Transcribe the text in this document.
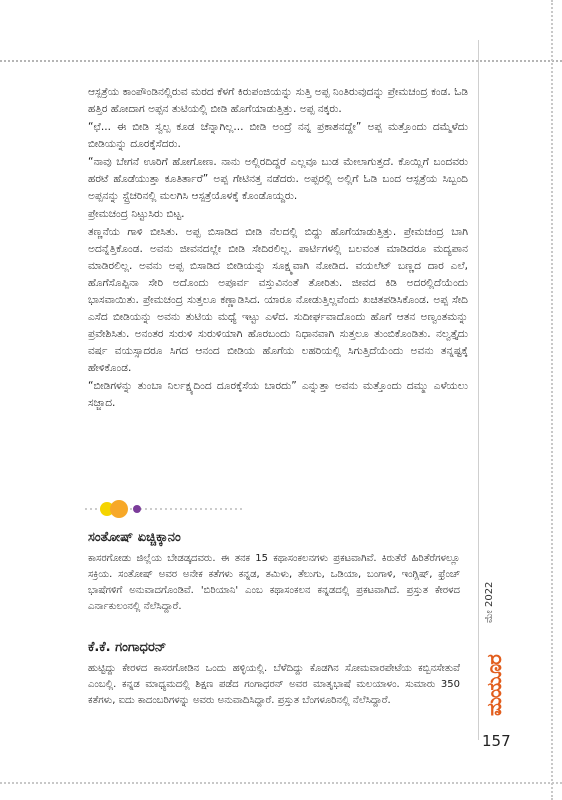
ಆಸ್ಪತ್ರೆಯ ಕಾಂಪೌಂಡಿನಲ್ಲಿರುವ ಮರದ ಕೆಳಗೆ ಕಿರುಪಂಜಿಯನ್ನು ಸುತ್ತಿ ಅಪ್ಪ ನಿಂತಿರುವುದನ್ನು ಪ್ರೇಮಚಂದ್ರ ಕಂಡ. ಓಡಿ ಹತ್ತಿರ ಹೋದಾಗ ಅಪ್ಪನ ತುಟಿಯಲ್ಲಿ ಬೀಡಿ ಹೊಗೆಯಾಡುತ್ತಿತ್ತು. ಅಪ್ಪ ನಕ್ಕರು.

“ಛೆ... ಈ ಬೀಡಿ ಸ್ವಲ್ಪ ಕೂಡ ಚೆನ್ನಾಗಿಲ್ಲ... ಬೀಡಿ ಅಂದ್ರೆ ನನ್ನ ಪ್ರಕಾಶನದ್ದೇ” ಅಪ್ಪ ಮತ್ತೊಂದು ದಮ್ಮೆಳೆದು ಬೀಡಿಯನ್ನು ದೂರಕ್ಕೆಸೆದರು.

“ನಾವು ಬೇಗನೆ ಊರಿಗೆ ಹೋಗೋಣ. ನಾನು ಅಲ್ಲಿರದಿದ್ದರೆ ಎಲ್ಲವೂ ಬುಡ ಮೇಲಾಗುತ್ತದೆ. ಕೊಯ್ಲಿಗೆ ಬಂದವರು ಹರಟೆ ಹೊಡೆಯುತ್ತಾ ಕೂತಿರ್ತಾರೆ” ಅಪ್ಪ ಗೇಟಿನತ್ತ ನಡೆದರು. ಅಪ್ಪರಲ್ಲಿ ಅಲ್ಲಿಗೆ ಓಡಿ ಬಂದ ಆಸ್ಪತ್ರೆಯ ಸಿಬ್ಬಂದಿ ಅಪ್ಪನನ್ನು ಸ್ಟ್ರೆಚರಿನಲ್ಲಿ ಮಲಗಿಸಿ ಆಸ್ಪತ್ರೆಯೊಳಕ್ಕೆ ಕೊಂಡೊಯ್ದರು.

ಪ್ರೇಮಚಂದ್ರ ನಿಟ್ಟುಸಿರು ಬಿಟ್ಟ.

ತಣ್ಣನೆಯ ಗಾಳಿ ಬೀಸಿತು. ಅಪ್ಪ ಬಿಸಾಡಿದ ಬೀಡಿ ನೆಲದಲ್ಲಿ ಬಿದ್ದು ಹೊಗೆಯಾಡುತ್ತಿತ್ತು. ಪ್ರೇಮಚಂದ್ರ ಬಾಗಿ ಅದನ್ನೆತ್ತಿಕೊಂಡ. ಅವನು ಜೀವನದಲ್ಲೇ ಬೀಡಿ ಸೇದಿರಲಿಲ್ಲ. ಪಾರ್ಟಿಗಳಲ್ಲಿ ಬಲವಂತ ಮಾಡಿದರೂ ಮದ್ಯಪಾನ ಮಾಡಿರಲಿಲ್ಲ. ಅವನು ಅಪ್ಪ ಬಿಸಾಡಿದ ಬೀಡಿಯನ್ನು ಸೂಕ್ಷ್ಮವಾಗಿ ನೋಡಿದ. ವಯಲೆಟ್ ಬಣ್ಣದ ದಾರ ಎಲೆ, ಹೊಗೆಸೊಪ್ಪಿನಾ ಸೇರಿ ಅದೊಂದು ಅಪೂರ್ವ ವಸ್ತುವಿನಂತೆ ತೋರಿತು. ಜೀವದ ಕಿಡಿ ಅದರಲ್ಲಿದೆಯೆಂದು ಭಾಸವಾಯಿತು. ಪ್ರೇಮಚಂದ್ರ ಸುತ್ತಲೂ ಕಣ್ಣಾಡಿಸಿದ. ಯಾರೂ ನೋಡುತ್ತಿಲ್ಲವೆಂದು ಖಚಿತಪಡಿಸಿಕೊಂಡ. ಅಪ್ಪ ಸೇದಿ ಎಸೆದ ಬೀಡಿಯನ್ನು ಅವನು ತುಟಿಯ ಮಧ್ಯೆ ಇಟ್ಟು ಎಳೆದ. ಸುದೀರ್ಘವಾದೊಂದು ಹೊಗೆ ಆತನ ಅಣ್ವಂತಮನ್ನು ಪ್ರವೇಶಿಸಿತು. ಅನಂತರ ಸುರುಳಿ ಸುರುಳಿಯಾಗಿ ಹೊರಬಂದು ನಿಧಾನವಾಗಿ ಸುತ್ತಲೂ ತುಂಬಿಕೊಂಡಿತು. ನಲ್ವತ್ತೈದು ವರ್ಷ ವಯಸ್ಸಾದರೂ ಸಿಗದ ಆನಂದ ಬೀಡಿಯ ಹೊಗೆಯ ಲಹರಿಯಲ್ಲಿ ಸಿಗುತ್ತಿದೆಯೆಂದು ಅವನು ತನ್ನಷ್ಟಕ್ಕೆ ಹೇಳಿಕೊಂಡ.

“ಬೀಡಿಗಳನ್ನು ತುಂಬಾ ನಿರ್ಲಕ್ಷ್ಯದಿಂದ ದೂರಕ್ಕೆಸೆಯ ಬಾರದು” ಎನ್ನುತ್ತಾ ಅವನು ಮತ್ತೊಂದು ದಮ್ಮು ಎಳೆಯಲು ಸಜ್ಜಾದ.

ಸಂತೋಷ್ ಏಚ್ಚಿಕ್ಕಾನಂ

ಕಾಸರಗೋಡು ಜಿಲ್ಲೆಯ ಬೇಡಡ್ಕದವರು. ಈ ತನಕ 15 ಕಥಾಸಂಕಲನಗಳು ಪ್ರಕಟವಾಗಿವೆ. ಕಿರುತೆರೆ ಹಿರಿತೆರೆಗಳಲ್ಲೂ ಸಕ್ರಿಯ. ಸಂತೋಷ್ ಅವರ ಅನೇಕ ಕತೆಗಳು ಕನ್ನಡ, ತಮಿಳು, ತೆಲುಗು, ಒಡಿಯಾ, ಬಂಗಾಳಿ, ಇಂಗ್ಲಿಷ್, ಫ್ರೆಂಚ್ ಭಾಷೆಗಳಿಗೆ ಅನುವಾದಗೊಂಡಿವೆ. 'ಬಿರಿಯಾನಿ' ಎಂಬ ಕಥಾಸಂಕಲನ ಕನ್ನಡದಲ್ಲಿ ಪ್ರಕಟವಾಗಿದೆ. ಪ್ರಸ್ತುತ ಕೇರಳದ ಎರ್ನಾಕುಲಂನಲ್ಲಿ ನೆಲೆಸಿದ್ದಾರೆ.

ಕೆ.ಕೆ. ಗಂಗಾಧರನ್

ಹುಟ್ಟಿದ್ದು ಕೇರಳದ ಕಾಸರಗೋಡಿನ ಒಂದು ಹಳ್ಳಿಯಲ್ಲಿ. ಬೆಳೆದಿದ್ದು ಕೊಡಗಿನ ಸೋಮವಾರಪೇಟೆಯ ಕಬ್ಬಿನಸೇತುವೆ ಎಂಬಲ್ಲಿ. ಕನ್ನಡ ಮಾಧ್ಯಮದಲ್ಲಿ ಶಿಕ್ಷಣ ಪಡೆದ ಗಂಗಾಧರನ್ ಅವರ ಮಾತೃಭಾಷೆ ಮಲಯಾಳಂ. ಸುಮಾರು 350 ಕತೆಗಳು, ಐದು ಕಾದಂಬರಿಗಳನ್ನು ಅವರು ಅನುವಾದಿಸಿದ್ದಾರೆ. ಪ್ರಸ್ತುತ ಬೆಂಗಳೂರಿನಲ್ಲಿ ನೆಲೆಸಿದ್ದಾರೆ.

ಮೇ 2022
ಮಯೂರ
157
